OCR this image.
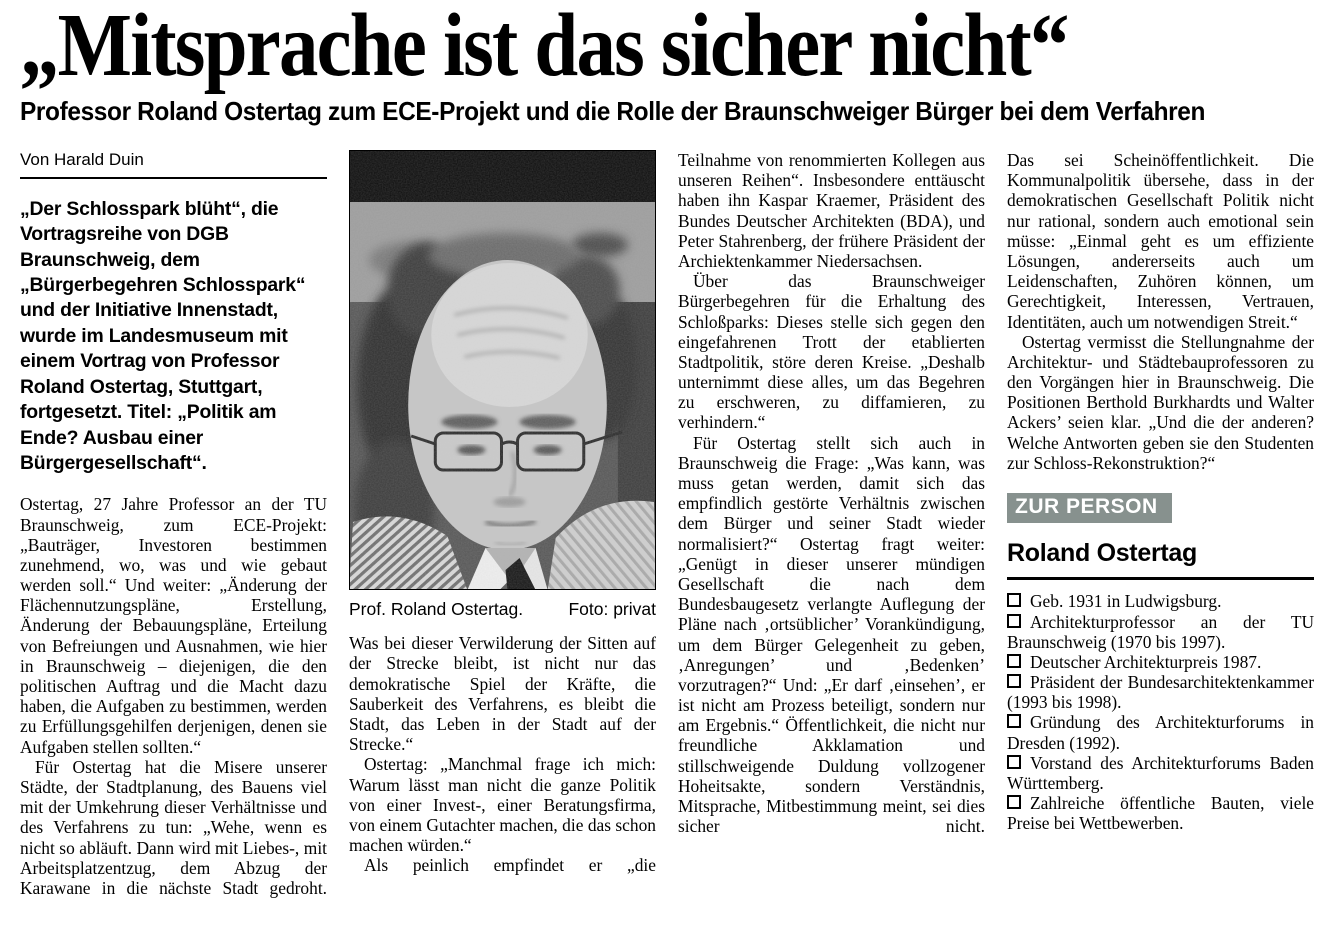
„Mitsprache ist das sicher nicht“
Professor Roland Ostertag zum ECE-Projekt und die Rolle der Braunschweiger Bürger bei dem Verfahren
Von Harald Duin

„Der Schlosspark blüht“, die Vortragsreihe von DGB Braunschweig, dem „Bürgerbegehren Schlosspark“ und der Initiative Innenstadt, wurde im Landesmuseum mit einem Vortrag von Professor Roland Ostertag, Stuttgart, fortgesetzt. Titel: „Politik am Ende? Ausbau einer Bürgergesellschaft“.

Ostertag, 27 Jahre Professor an der TU Braunschweig, zum ECE-Projekt: „Bauträger, Investoren bestimmen zunehmend, wo, was und wie gebaut werden soll.“ Und weiter: „Änderung der Flächennutzungspläne, Erstellung, Änderung der Bebauungspläne, Erteilung von Befreiungen und Ausnahmen, wie hier in Braunschweig – diejenigen, die den politischen Auftrag und die Macht dazu haben, die Aufgaben zu bestimmen, werden zu Erfüllungsgehilfen derjenigen, denen sie Aufgaben stellen sollten.“

Für Ostertag hat die Misere unserer Städte, der Stadtplanung, des Bauens viel mit der Umkehrung dieser Verhältnisse und des Verfahrens zu tun: „Wehe, wenn es nicht so abläuft. Dann wird mit Liebes-, mit Arbeitsplatzentzug, dem Abzug der Karawane in die nächste Stadt gedroht.

Prof. Roland Ostertag.	Foto: privat

Was bei dieser Verwilderung der Sitten auf der Strecke bleibt, ist nicht nur das demokratische Spiel der Kräfte, die Sauberkeit des Verfahrens, es bleibt die Stadt, das Leben in der Stadt auf der Strecke.“

Ostertag: „Manchmal frage ich mich: Warum lässt man nicht die ganze Politik von einer Invest-, einer Beratungsfirma, von einem Gutachter machen, die das schon machen würden.“

Als peinlich empfindet er „die

Teilnahme von renommierten Kollegen aus unseren Reihen“. Insbesondere enttäuscht haben ihn Kaspar Kraemer, Präsident des Bundes Deutscher Architekten (BDA), und Peter Stahrenberg, der frühere Präsident der Archiektenkammer Niedersachsen.

Über das Braunschweiger Bürgerbegehren für die Erhaltung des Schloßparks: Dieses stelle sich gegen den eingefahrenen Trott der etablierten Stadtpolitik, störe deren Kreise. „Deshalb unternimmt diese alles, um das Begehren zu erschweren, zu diffamieren, zu verhindern.“

Für Ostertag stellt sich auch in Braunschweig die Frage: „Was kann, was muss getan werden, damit sich das empfindlich gestörte Verhältnis zwischen dem Bürger und seiner Stadt wieder normalisiert?“ Ostertag fragt weiter: „Genügt in dieser unserer mündigen Gesellschaft die nach dem Bundesbaugesetz verlangte Auflegung der Pläne nach ‚ortsüblicher’ Vorankündigung, um dem Bürger Gelegenheit zu geben, ‚Anregungen’ und ‚Bedenken’ vorzutragen?“ Und: „Er darf ‚einsehen’, er ist nicht am Prozess beteiligt, sondern nur am Ergebnis.“ Öffentlichkeit, die nicht nur freundliche Akklamation und stillschweigende Duldung vollzogener Hoheitsakte, sondern Verständnis, Mitsprache, Mitbestimmung meint, sei dies sicher nicht.

Das sei Scheinöffentlichkeit. Die Kommunalpolitik übersehe, dass in der demokratischen Gesellschaft Politik nicht nur rational, sondern auch emotional sein müsse: „Einmal geht es um effiziente Lösungen, andererseits auch um Leidenschaften, Zuhören können, um Gerechtigkeit, Interessen, Vertrauen, Identitäten, auch um notwendigen Streit.“

Ostertag vermisst die Stellungnahme der Architektur- und Städtebauprofessoren zu den Vorgängen hier in Braunschweig. Die Positionen Berthold Burkhardts und Walter Ackers’ seien klar. „Und die der anderen? Welche Antworten geben sie den Studenten zur Schloss-Rekonstruktion?“

ZUR PERSON
Roland Ostertag

Geb. 1931 in Ludwigsburg.

Architekturprofessor an der TU Braunschweig (1970 bis 1997).

Deutscher Architekturpreis 1987.

Präsident der Bundesarchitektenkammer (1993 bis 1998).

Gründung des Architekturforums in Dresden (1992).

Vorstand des Architekturforums Baden Württemberg.

Zahlreiche öffentliche Bauten, viele Preise bei Wettbewerben.
